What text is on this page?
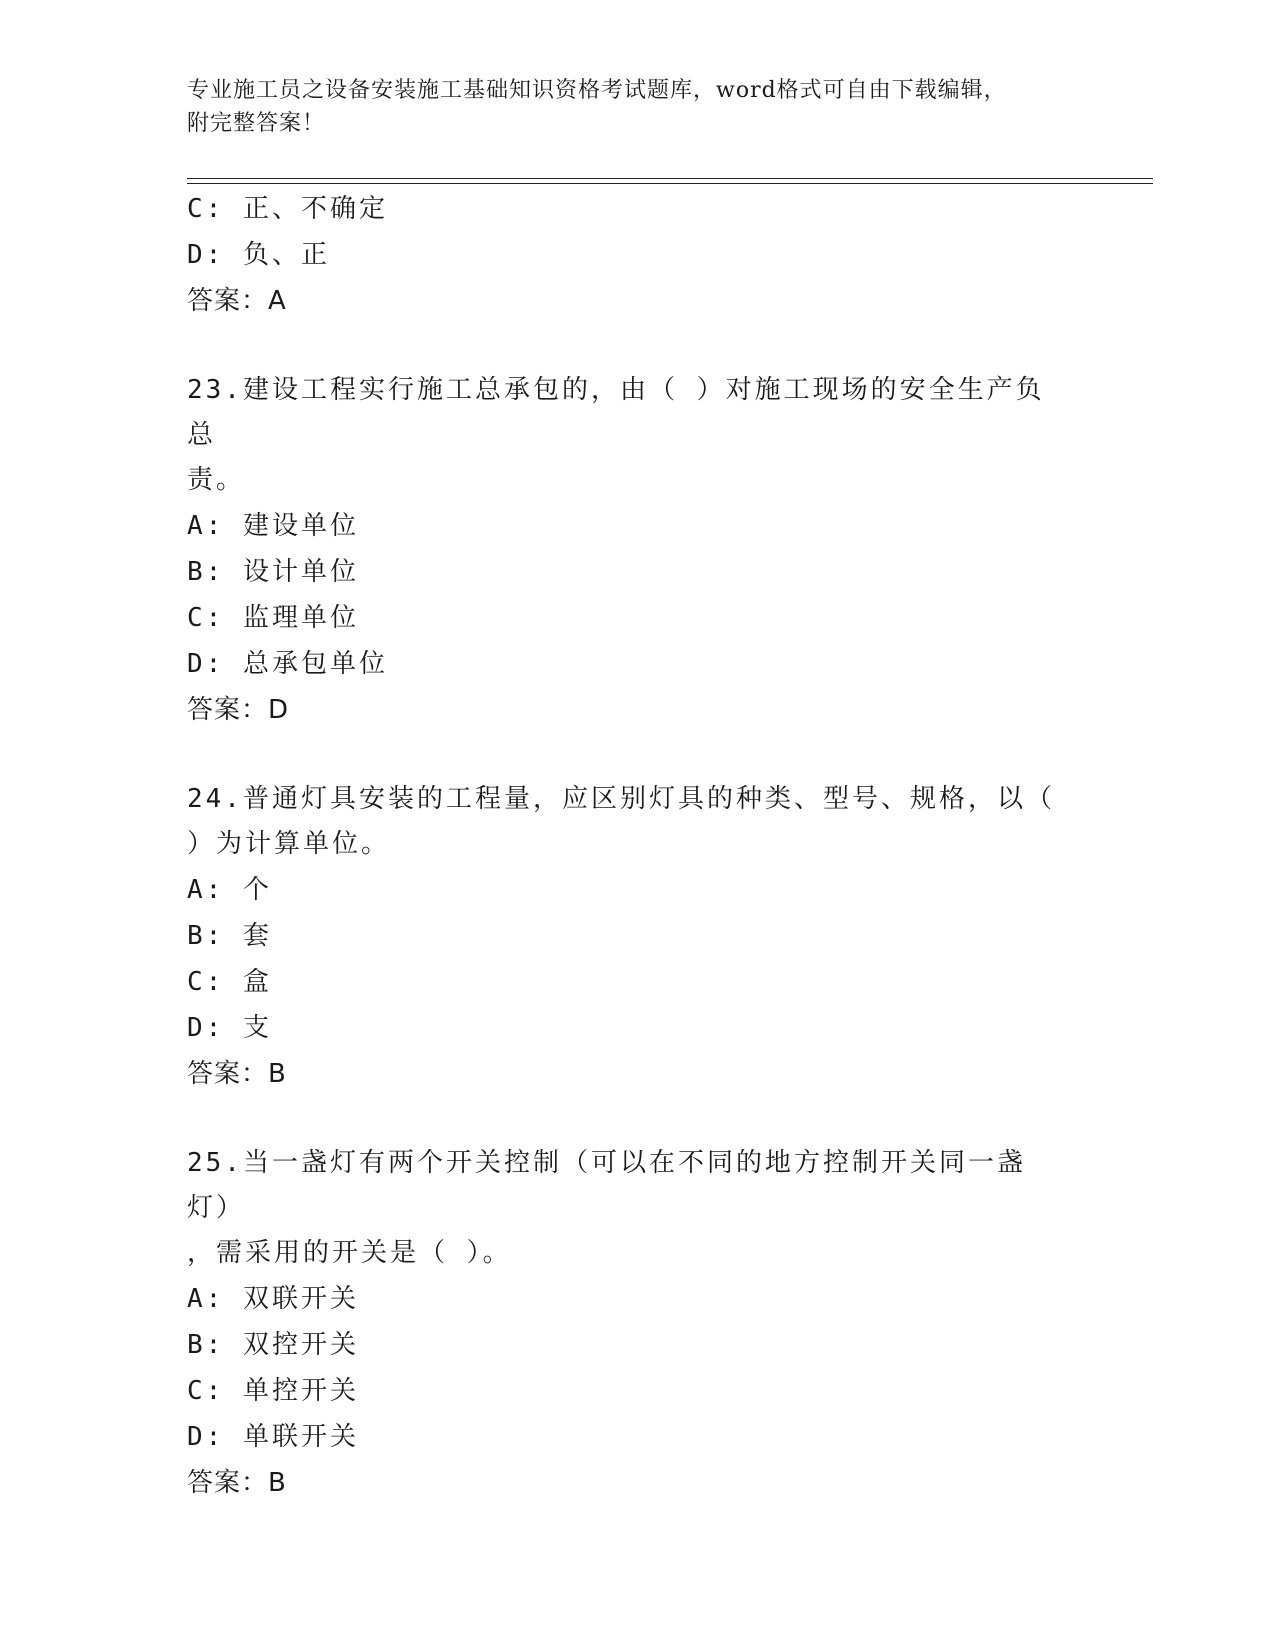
专业施工员之设备安装施工基础知识资格考试题库，word格式可自由下载编辑，
附完整答案！
C: 正、不确定
D: 负、正
答案：A
23.建设工程实行施工总承包的，由（ ）对施工现场的安全生产负总
责。
A: 建设单位
B: 设计单位
C: 监理单位
D: 总承包单位
答案：D
24.普通灯具安装的工程量，应区别灯具的种类、型号、规格，以（
）为计算单位。
A: 个
B: 套
C: 盒
D: 支
答案：B
25.当一盏灯有两个开关控制（可以在不同的地方控制开关同一盏灯）
，需采用的开关是（ ）。
A: 双联开关
B: 双控开关
C: 单控开关
D: 单联开关
答案：B
